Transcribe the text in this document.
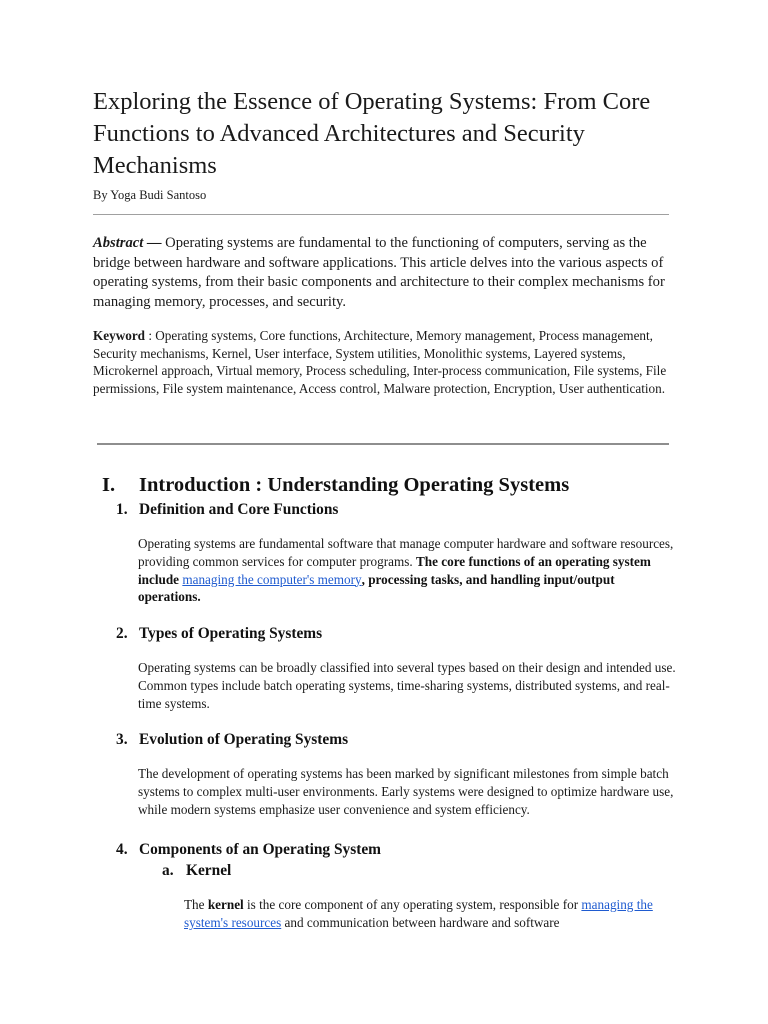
Exploring the Essence of Operating Systems: From Core Functions to Advanced Architectures and Security Mechanisms
By Yoga Budi Santoso

Abstract — Operating systems are fundamental to the functioning of computers, serving as the bridge between hardware and software applications. This article delves into the various aspects of operating systems, from their basic components and architecture to their complex mechanisms for managing memory, processes, and security.

Keyword : Operating systems, Core functions, Architecture, Memory management, Process management, Security mechanisms, Kernel, User interface, System utilities, Monolithic systems, Layered systems, Microkernel approach, Virtual memory, Process scheduling, Inter-process communication, File systems, File permissions, File system maintenance, Access control, Malware protection, Encryption, User authentication.

I. Introduction : Understanding Operating Systems
1. Definition and Core Functions

Operating systems are fundamental software that manage computer hardware and software resources, providing common services for computer programs. The core functions of an operating system include managing the computer's memory, processing tasks, and handling input/output operations.

2. Types of Operating Systems

Operating systems can be broadly classified into several types based on their design and intended use. Common types include batch operating systems, time-sharing systems, distributed systems, and real-time systems.

3. Evolution of Operating Systems

The development of operating systems has been marked by significant milestones from simple batch systems to complex multi-user environments. Early systems were designed to optimize hardware use, while modern systems emphasize user convenience and system efficiency.

4. Components of an Operating System
a. Kernel

The kernel is the core component of any operating system, responsible for managing the system's resources and communication between hardware and software
